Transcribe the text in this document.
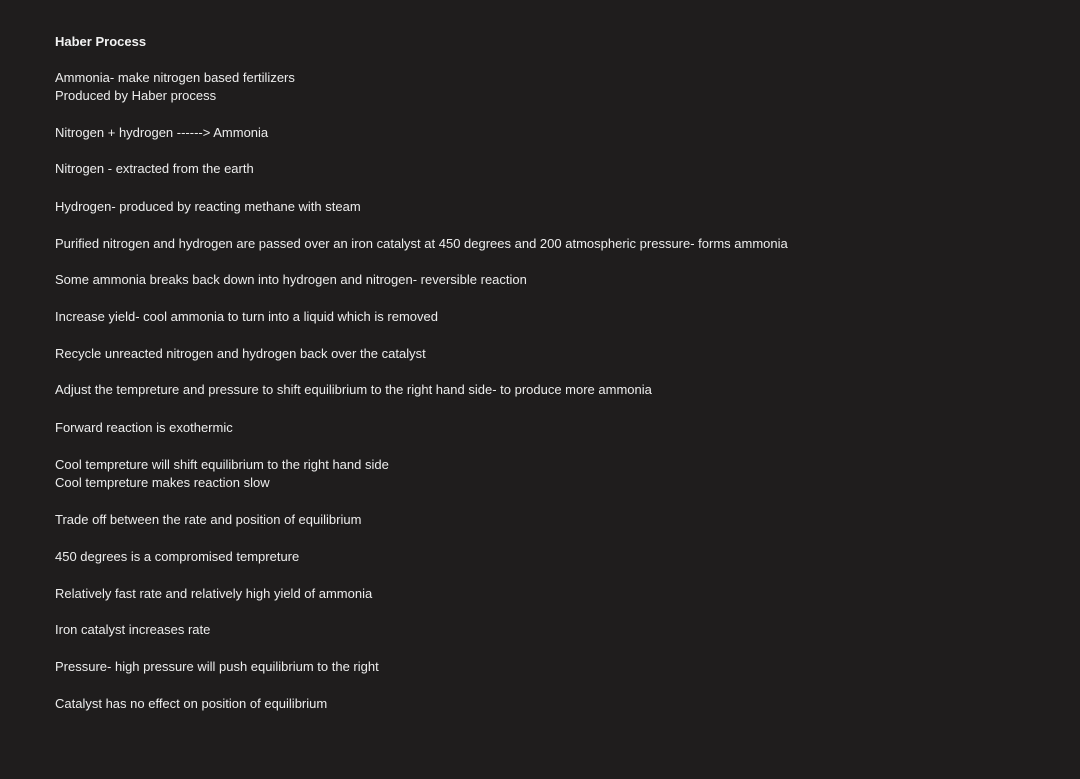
Haber Process
Ammonia- make nitrogen based fertilizers
Produced by Haber process
Nitrogen + hydrogen ------> Ammonia
Nitrogen - extracted from the earth
Hydrogen- produced by reacting methane with steam
Purified nitrogen and hydrogen are passed over an iron catalyst at 450 degrees and 200 atmospheric pressure- forms ammonia
Some ammonia breaks back down into hydrogen and nitrogen- reversible reaction
Increase yield- cool ammonia to turn into a liquid which is removed
Recycle unreacted nitrogen and hydrogen back over the catalyst
Adjust the tempreture and pressure to shift equilibrium to the right hand side- to produce more ammonia
Forward reaction is exothermic
Cool tempreture will shift equilibrium to the right hand side
Cool tempreture makes reaction slow
Trade off between the rate and position of equilibrium
450 degrees is a compromised tempreture
Relatively fast rate and relatively high yield of ammonia
Iron catalyst increases rate
Pressure- high pressure will push equilibrium to the right
Catalyst has no effect on position of equilibrium
